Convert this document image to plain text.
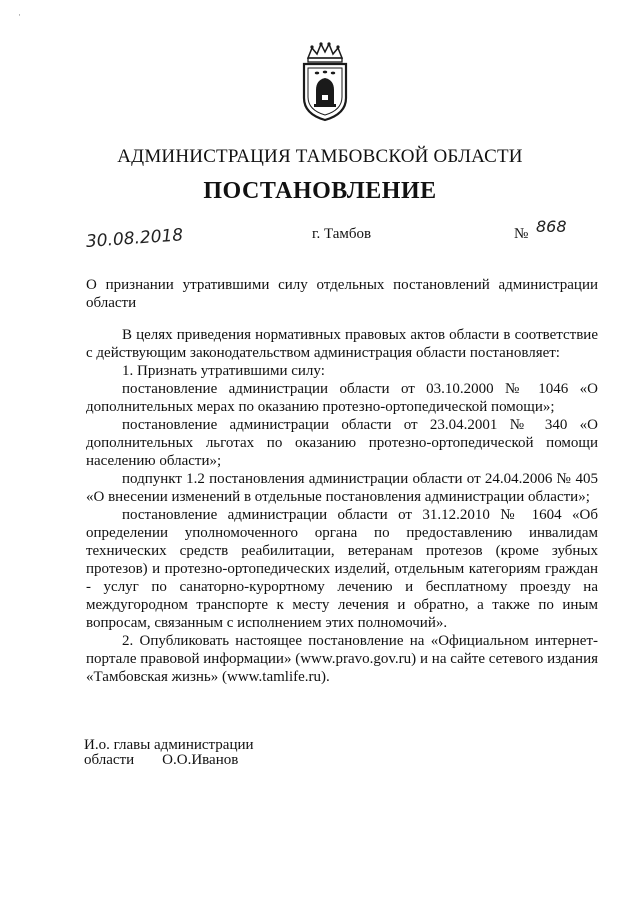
·
АДМИНИСТРАЦИЯ ТАМБОВСКОЙ ОБЛАСТИ
ПОСТАНОВЛЕНИЕ
30.08.2018	г. Тамбов	№ 868
О признании утратившими силу отдельных постановлений администрации области

В целях приведения нормативных правовых актов области в соответствие с действующим законодательством администрация области постановляет:

1. Признать утратившими силу:

постановление администрации области от 03.10.2000 № 1046 «О дополнительных мерах по оказанию протезно-ортопедической помощи»;

постановление администрации области от 23.04.2001 № 340 «О дополнительных льготах по оказанию протезно-ортопедической помощи населению области»;

подпункт 1.2 постановления администрации области от 24.04.2006 № 405 «О внесении изменений в отдельные постановления администрации области»;

постановление администрации области от 31.12.2010 № 1604 «Об определении уполномоченного органа по предоставлению инвалидам технических средств реабилитации, ветеранам протезов (кроме зубных протезов) и протезно-ортопедических изделий, отдельным категориям граждан - услуг по санаторно-курортному лечению и бесплатному проезду на междугородном транспорте к месту лечения и обратно, а также по иным вопросам, связанным с исполнением этих полномочий».

2. Опубликовать настоящее постановление на «Официальном интернет-портале правовой информации» (www.pravo.gov.ru) и на сайте сетевого издания «Тамбовская жизнь» (www.tamlife.ru).

И.о. главы администрации
области О.О.Иванов
